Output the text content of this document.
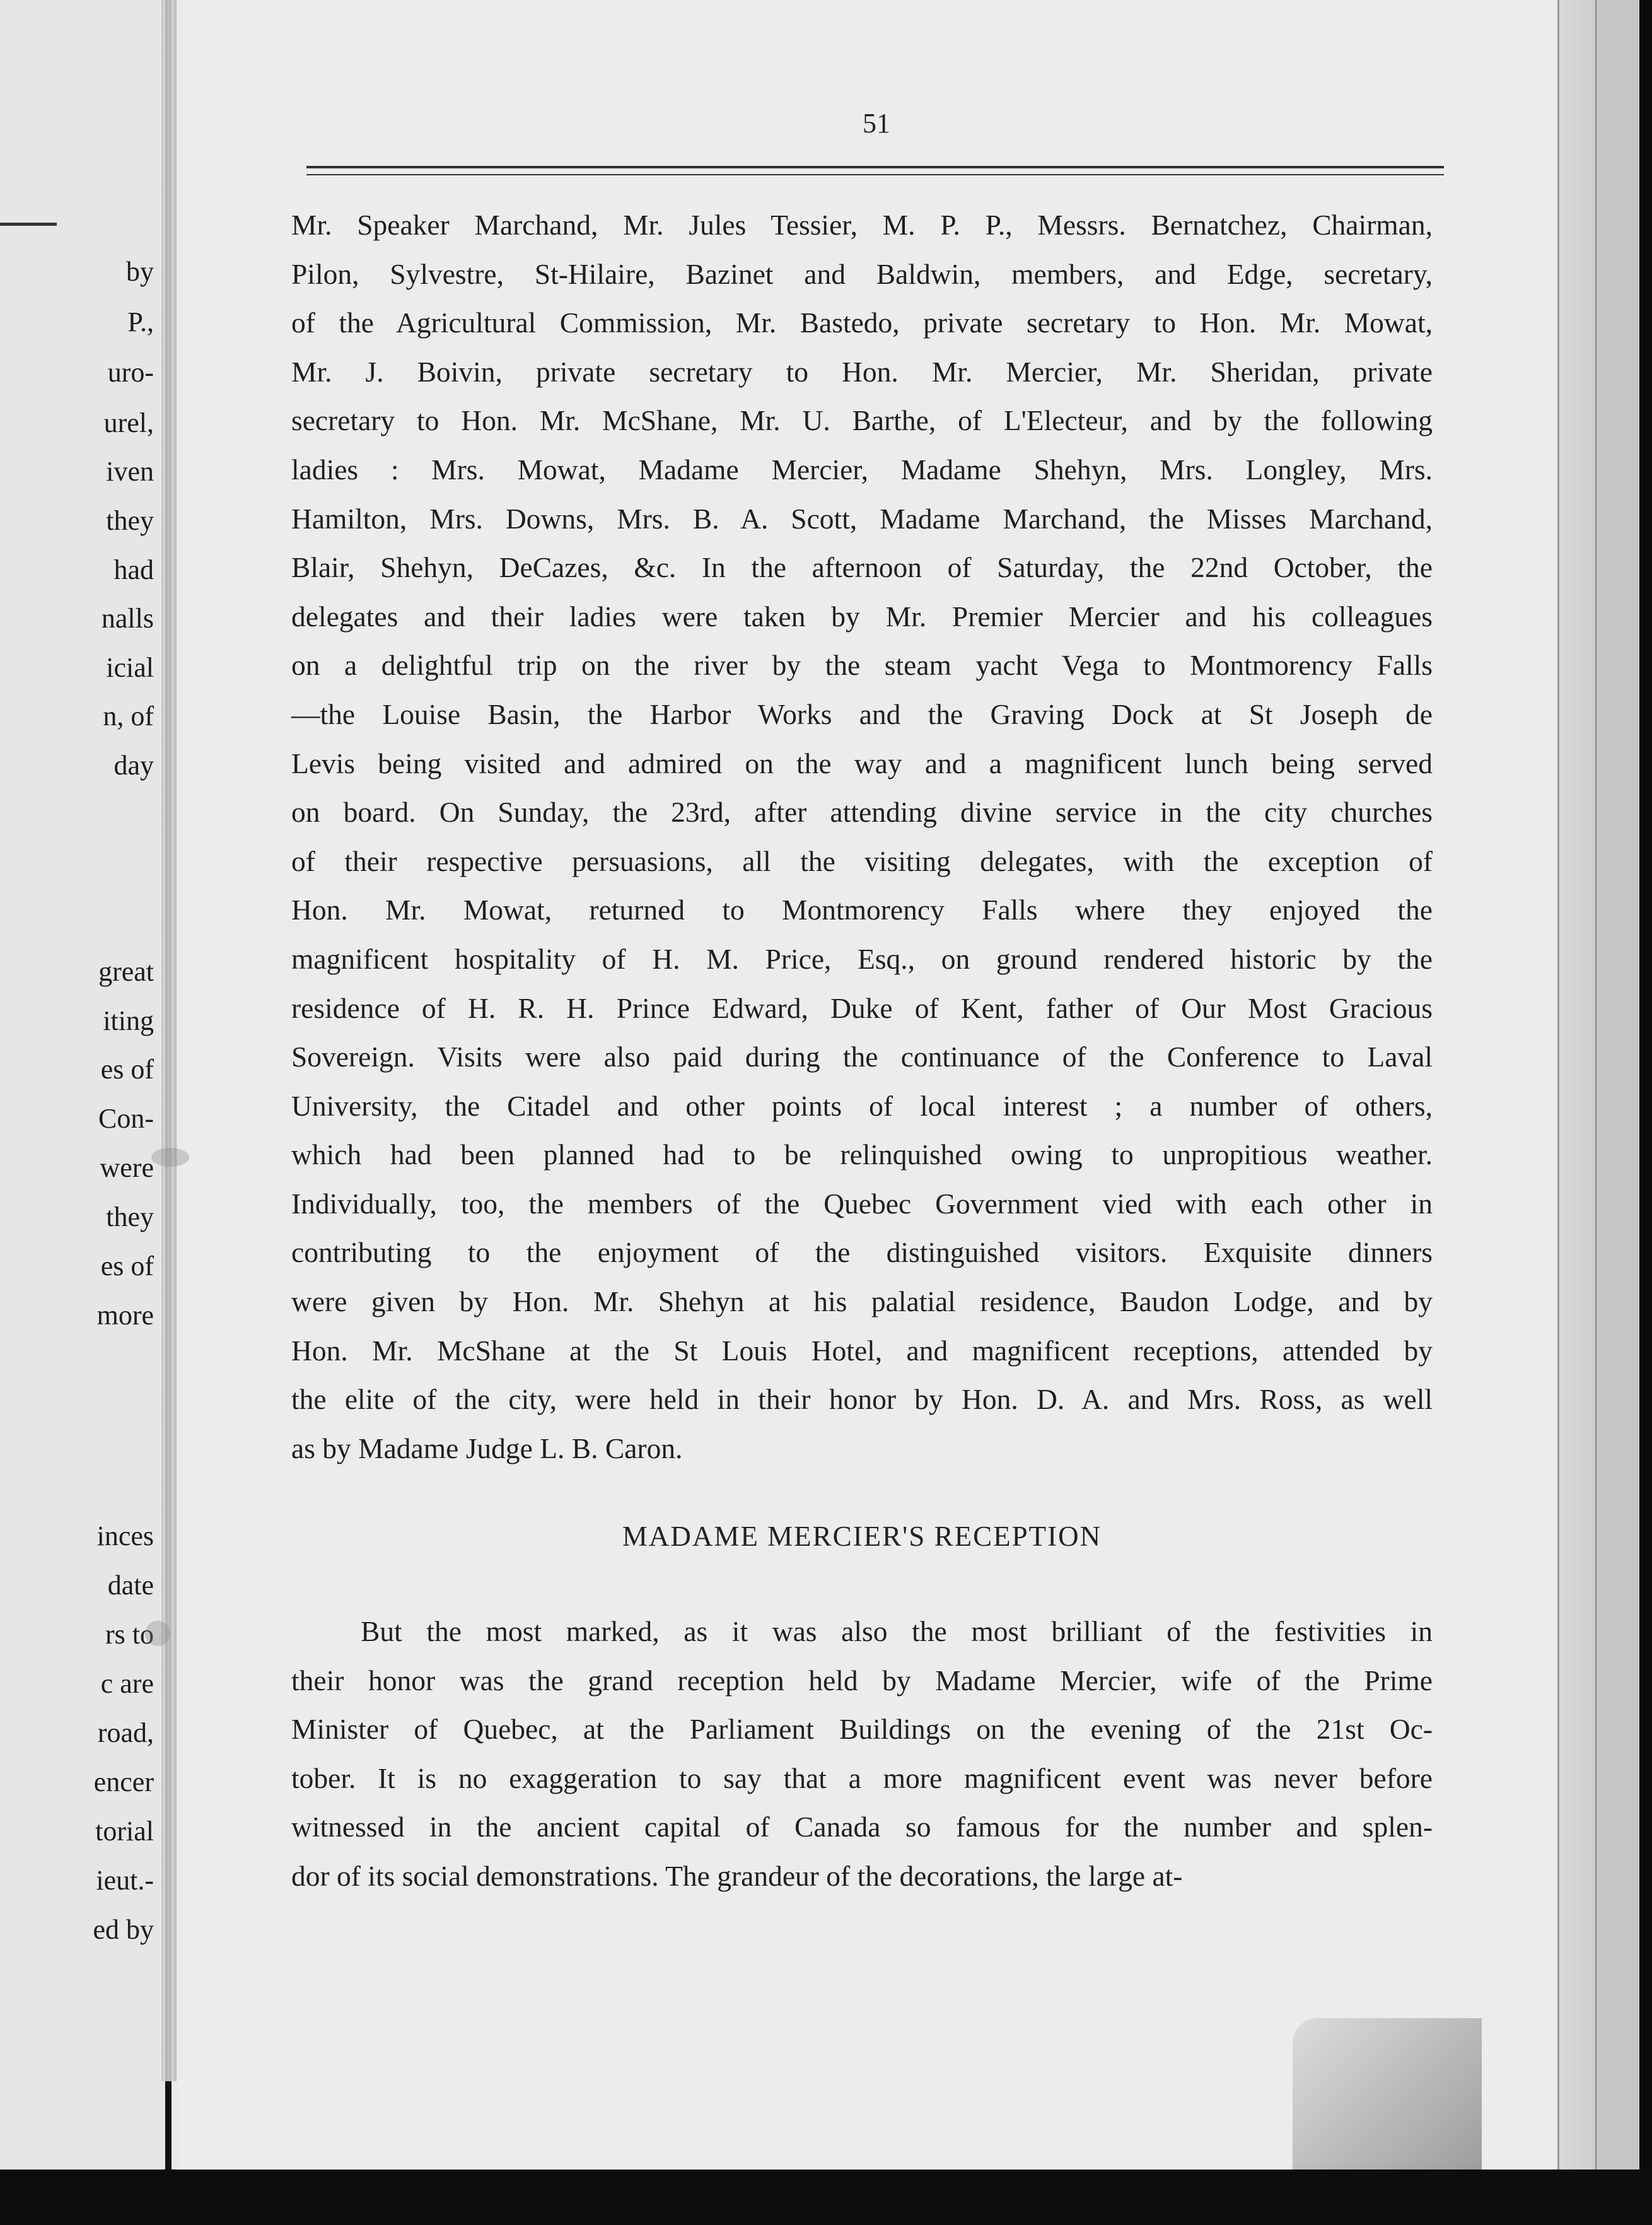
by
P.,
uro-
urel,
iven
they
had
nalls
icial
n, of
day
great
iting
es of
Con-
were
they
es of
more
inces
date
rs to
c are
road,
encer
torial
ieut.-
ed by
51
Mr. Speaker Marchand, Mr. Jules Tessier, M. P. P., Messrs. Bernatchez, Chairman,
Pilon, Sylvestre, St-Hilaire, Bazinet and Baldwin, members, and Edge, secretary,
of the Agricultural Commission, Mr. Bastedo, private secretary to Hon. Mr. Mowat,
Mr. J. Boivin, private secretary to Hon. Mr. Mercier, Mr. Sheridan, private
secretary to Hon. Mr. McShane, Mr. U. Barthe, of L'Electeur, and by the following
ladies : Mrs. Mowat, Madame Mercier, Madame Shehyn, Mrs. Longley, Mrs.
Hamilton, Mrs. Downs, Mrs. B. A. Scott, Madame Marchand, the Misses Marchand,
Blair, Shehyn, DeCazes, &c. In the afternoon of Saturday, the 22nd October, the
delegates and their ladies were taken by Mr. Premier Mercier and his colleagues
on a delightful trip on the river by the steam yacht Vega to Montmorency Falls
—the Louise Basin, the Harbor Works and the Graving Dock at St Joseph de
Levis being visited and admired on the way and a magnificent lunch being served
on board. On Sunday, the 23rd, after attending divine service in the city churches
of their respective persuasions, all the visiting delegates, with the exception of
Hon. Mr. Mowat, returned to Montmorency Falls where they enjoyed the
magnificent hospitality of H. M. Price, Esq., on ground rendered historic by the
residence of H. R. H. Prince Edward, Duke of Kent, father of Our Most Gracious
Sovereign. Visits were also paid during the continuance of the Conference to Laval
University, the Citadel and other points of local interest ; a number of others,
which had been planned had to be relinquished owing to unpropitious weather.
Individually, too, the members of the Quebec Government vied with each other in
contributing to the enjoyment of the distinguished visitors. Exquisite dinners
were given by Hon. Mr. Shehyn at his palatial residence, Baudon Lodge, and by
Hon. Mr. McShane at the St Louis Hotel, and magnificent receptions, attended by
the elite of the city, were held in their honor by Hon. D. A. and Mrs. Ross, as well
as by Madame Judge L. B. Caron.
MADAME MERCIER'S RECEPTION
But the most marked, as it was also the most brilliant of the festivities in
their honor was the grand reception held by Madame Mercier, wife of the Prime
Minister of Quebec, at the Parliament Buildings on the evening of the 21st Oc-
tober. It is no exaggeration to say that a more magnificent event was never before
witnessed in the ancient capital of Canada so famous for the number and splen-
dor of its social demonstrations. The grandeur of the decorations, the large at-
